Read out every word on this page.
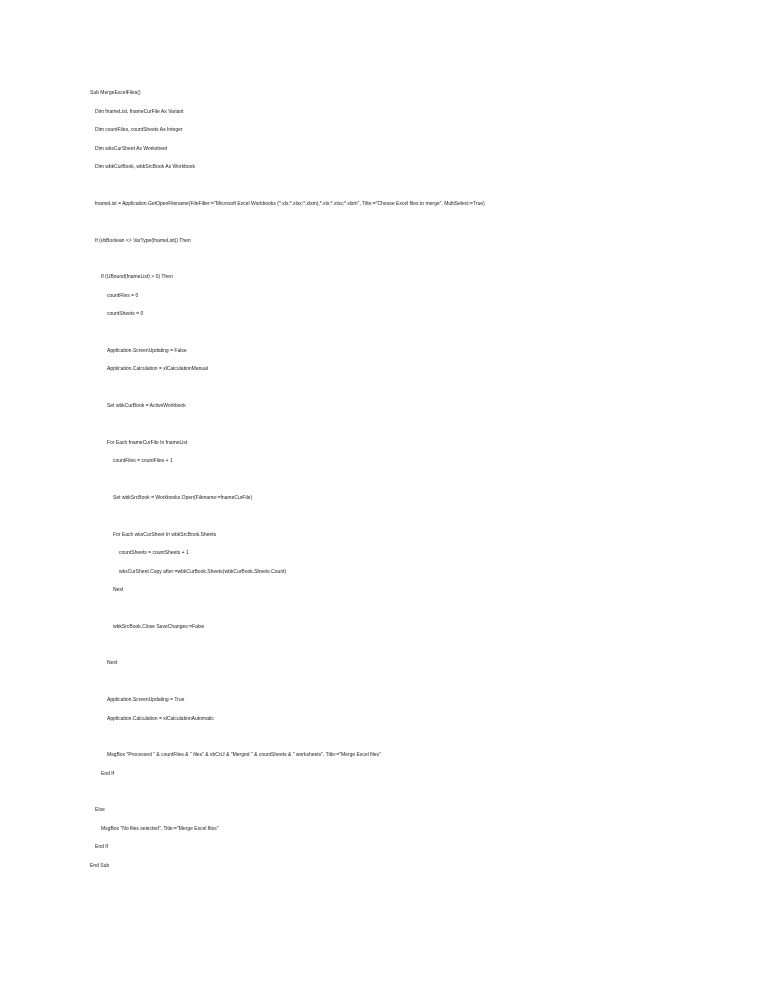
Sub MergeExcelFiles()
Dim fnameList, fnameCurFile As Variant
Dim countFiles, countSheets As Integer
Dim wksCurSheet As Worksheet
Dim wbkCurBook, wbkSrcBook As Workbook
fnameList = Application.GetOpenFilename(FileFilter:="Microsoft Excel Workbooks (*.xls;*.xlsx;*.xlsm),*.xls;*.xlsx;*.xlsm", Title:="Choose Excel files to merge", MultiSelect:=True)
If (vbBoolean <> VarType(fnameList)) Then
If (UBound(fnameList) > 0) Then
countFiles = 0
countSheets = 0
Application.ScreenUpdating = False
Application.Calculation = xlCalculationManual
Set wbkCurBook = ActiveWorkbook
For Each fnameCurFile In fnameList
countFiles = countFiles + 1
Set wbkSrcBook = Workbooks.Open(Filename:=fnameCurFile)
For Each wksCurSheet In wbkSrcBook.Sheets
countSheets = countSheets + 1
wksCurSheet.Copy after:=wbkCurBook.Sheets(wbkCurBook.Sheets.Count)
Next
wbkSrcBook.Close SaveChanges:=False
Next
Application.ScreenUpdating = True
Application.Calculation = xlCalculationAutomatic
MsgBox "Processed " & countFiles & " files" & vbCrLf & "Merged " & countSheets & " worksheets", Title:="Merge Excel files"
End If
Else
MsgBox "No files selected", Title:="Merge Excel files"
End If
End Sub
